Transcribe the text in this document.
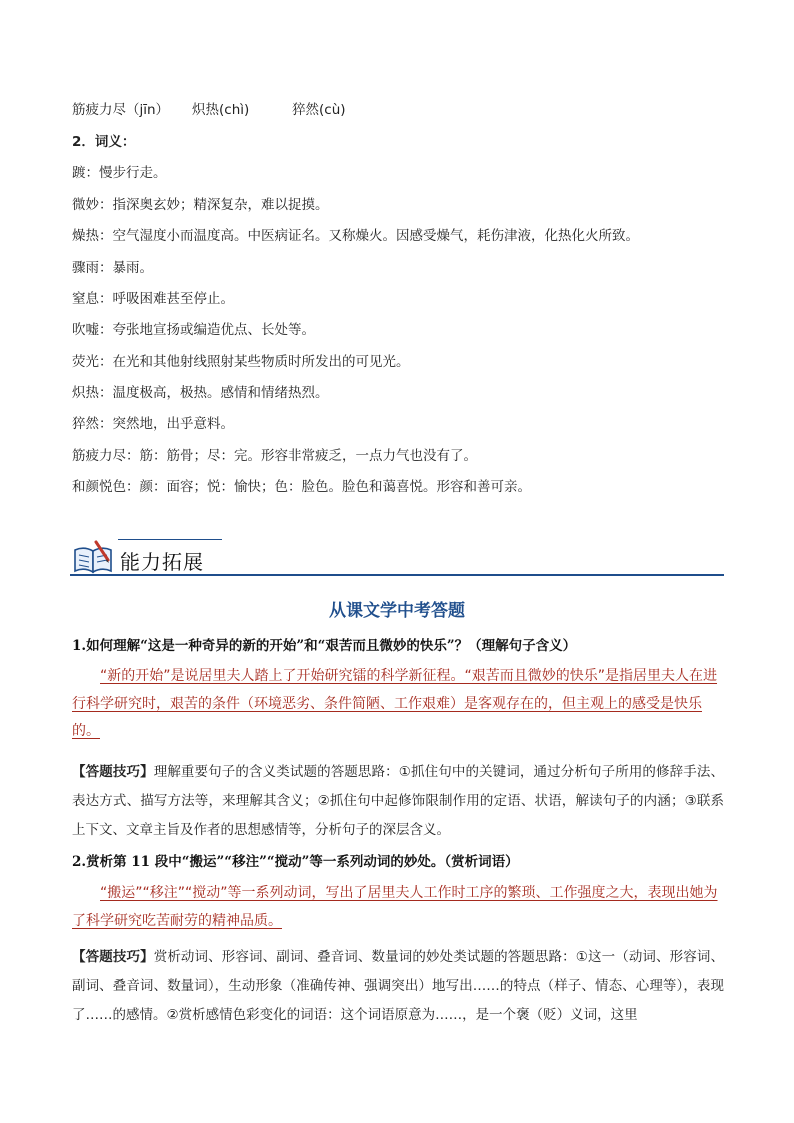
筋疲力尽（jīn） 炽热(chì)	猝然(cù)
2．词义：
踱：慢步行走。
微妙：指深奥玄妙；精深复杂，难以捉摸。
燥热：空气湿度小而温度高。中医病证名。又称燥火。因感受燥气，耗伤津液，化热化火所致。
骤雨：暴雨。
窒息：呼吸困难甚至停止。
吹嘘：夸张地宣扬或编造优点、长处等。
荧光：在光和其他射线照射某些物质时所发出的可见光。
炽热：温度极高，极热。感情和情绪热烈。
猝然：突然地，出乎意料。
筋疲力尽：筋：筋骨；尽：完。形容非常疲乏，一点力气也没有了。
和颜悦色：颜：面容；悦：愉快；色：脸色。脸色和蔼喜悦。形容和善可亲。
能力拓展
从课文学中考答题
1.如何理解“这是一种奇异的新的开始”和“艰苦而且微妙的快乐”？（理解句子含义）
“新的开始”是说居里夫人踏上了开始研究镭的科学新征程。“艰苦而且微妙的快乐”是指居里夫人在进行科学研究时，艰苦的条件（环境恶劣、条件简陋、工作艰难）是客观存在的，但主观上的感受是快乐的。
【答题技巧】理解重要句子的含义类试题的答题思路：①抓住句中的关键词，通过分析句子所用的修辞手法、表达方式、描写方法等，来理解其含义；②抓住句中起修饰限制作用的定语、状语，解读句子的内涵；③联系上下文、文章主旨及作者的思想感情等，分析句子的深层含义。
2.赏析第 11 段中“搬运”“移注”“搅动”等一系列动词的妙处。（赏析词语）
“搬运”“移注”“搅动”等一系列动词，写出了居里夫人工作时工序的繁琐、工作强度之大，表现出她为了科学研究吃苦耐劳的精神品质。
【答题技巧】赏析动词、形容词、副词、叠音词、数量词的妙处类试题的答题思路：①这一（动词、形容词、副词、叠音词、数量词），生动形象（准确传神、强调突出）地写出……的特点（样子、情态、心理等），表现了……的感情。②赏析感情色彩变化的词语：这个词语原意为……，是一个褒（贬）义词，这里
